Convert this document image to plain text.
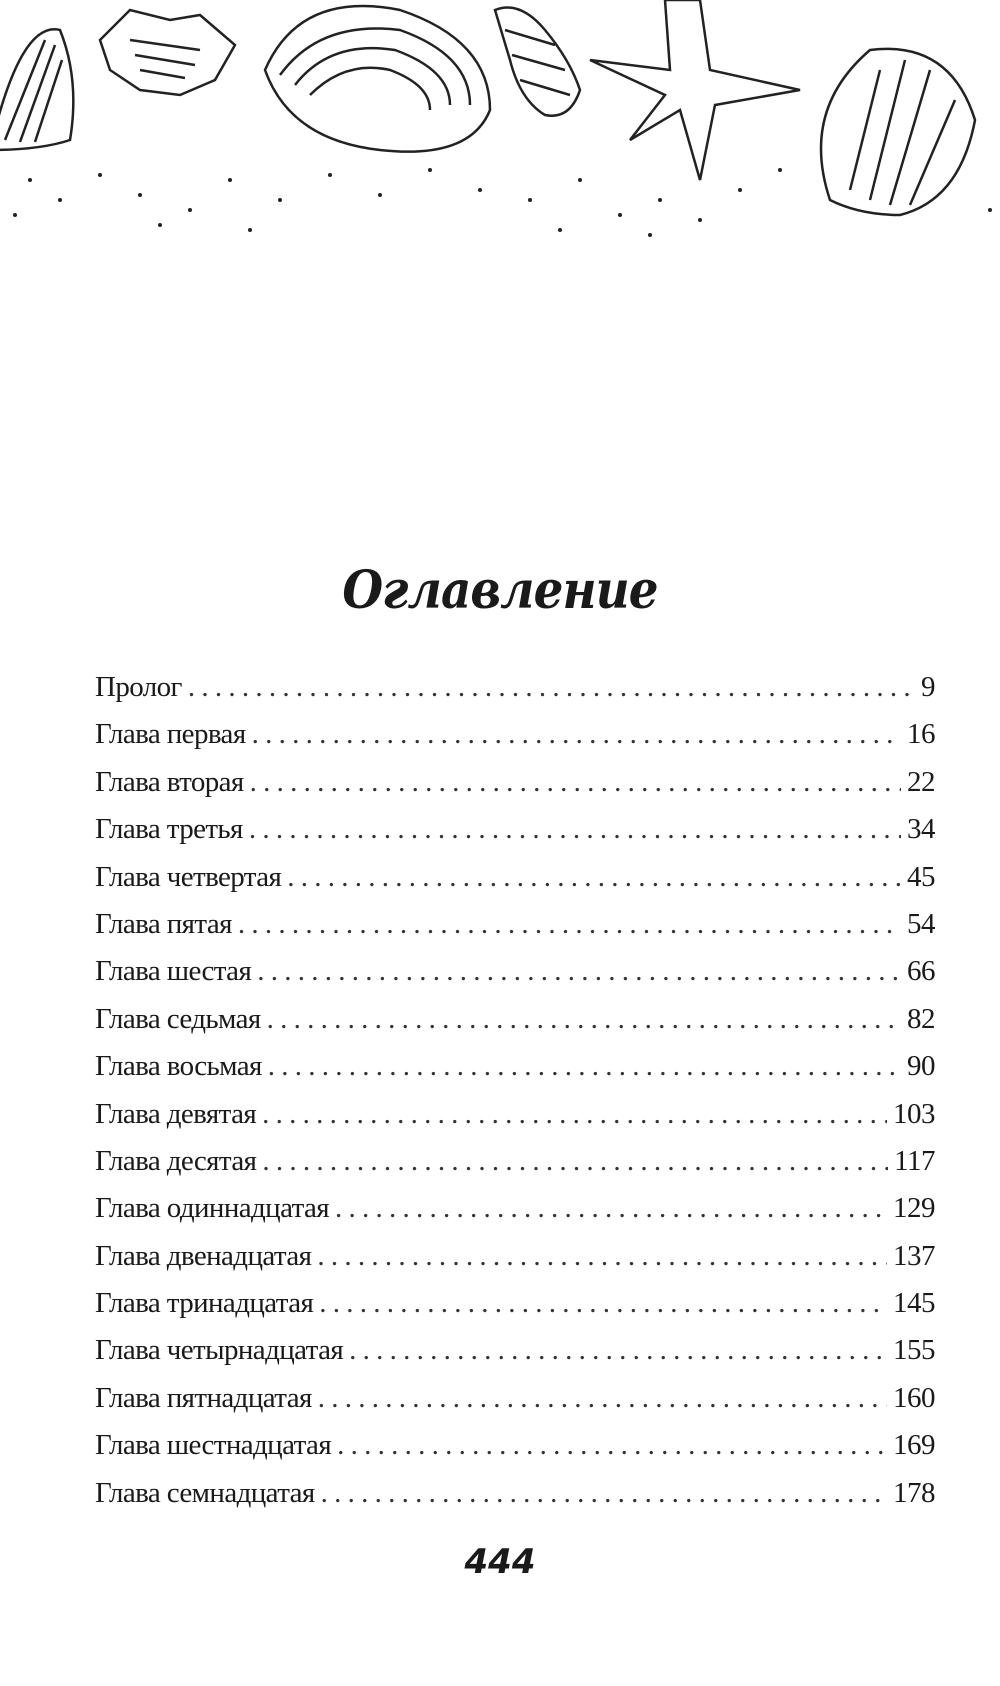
Оглавление
Пролог . . .	9
Глава первая . . .	16
Глава вторая . . .	22
Глава третья . . .	34
Глава четвертая . . .	45
Глава пятая . . .	54
Глава шестая . . .	66
Глава седьмая . . .	82
Глава восьмая . . .	90
Глава девятая . . .	103
Глава десятая . . .	117
Глава одиннадцатая . . .	129
Глава двенадцатая . . .	137
Глава тринадцатая . . .	145
Глава четырнадцатая . . .	155
Глава пятнадцатая . . .	160
Глава шестнадцатая . . .	169
Глава семнадцатая . . .	178
444
